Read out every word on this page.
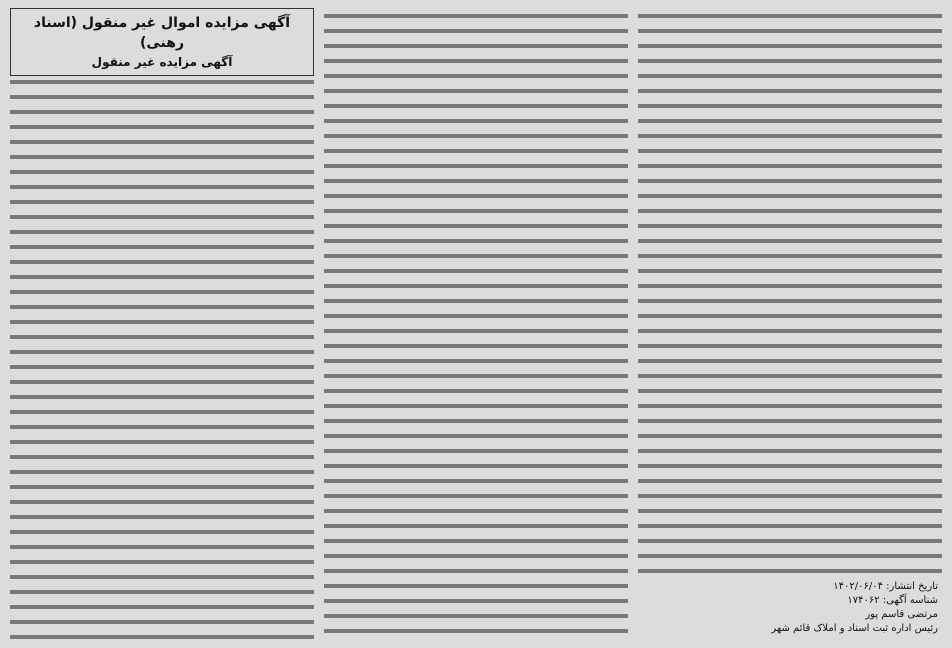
آگهی مزایده اموال غیر منقول (اسناد رهنی)
آگهی مزایده غیر منقول
تاریخ انتشار: ۱۴۰۲/۰۶/۰۴
شناسه آگهی: ۱۷۴۰۶۲
مرتضی قاسم پور
رئیس اداره ثبت اسناد و املاک قائم شهر
